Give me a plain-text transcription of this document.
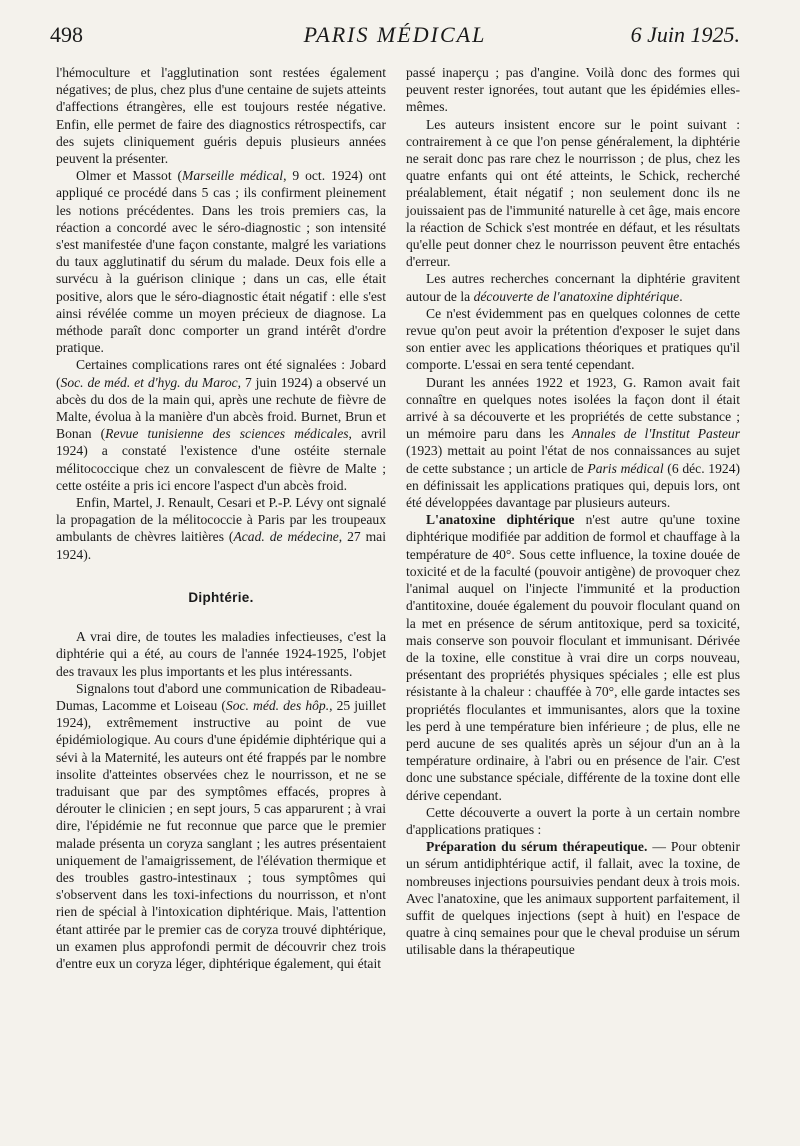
498	PARIS MÉDICAL	6 Juin 1925.

l'hémoculture et l'agglutination sont restées également négatives; de plus, chez plus d'une centaine de sujets atteints d'affections étrangères, elle est toujours restée négative. Enfin, elle permet de faire des diagnostics rétrospectifs, car des sujets cliniquement guéris depuis plusieurs années peuvent la présenter.

Olmer et Massot (Marseille médical, 9 oct. 1924) ont appliqué ce procédé dans 5 cas ; ils confirment pleinement les notions précédentes. Dans les trois premiers cas, la réaction a concordé avec le séro-diagnostic ; son intensité s'est manifestée d'une façon constante, malgré les variations du taux agglutinatif du sérum du malade. Deux fois elle a survécu à la guérison clinique ; dans un cas, elle était positive, alors que le séro-diagnostic était négatif : elle s'est ainsi révélée comme un moyen précieux de diagnose. La méthode paraît donc comporter un grand intérêt d'ordre pratique.

Certaines complications rares ont été signalées : Jobard (Soc. de méd. et d'hyg. du Maroc, 7 juin 1924) a observé un abcès du dos de la main qui, après une rechute de fièvre de Malte, évolua à la manière d'un abcès froid. Burnet, Brun et Bonan (Revue tunisienne des sciences médicales, avril 1924) a constaté l'existence d'une ostéite sternale mélitococcique chez un convalescent de fièvre de Malte ; cette ostéite a pris ici encore l'aspect d'un abcès froid.

Enfin, Martel, J. Renault, Cesari et P.-P. Lévy ont signalé la propagation de la mélitococcie à Paris par les troupeaux ambulants de chèvres laitières (Acad. de médecine, 27 mai 1924).

Diphtérie.

A vrai dire, de toutes les maladies infectieuses, c'est la diphtérie qui a été, au cours de l'année 1924-1925, l'objet des travaux les plus importants et les plus intéressants.

Signalons tout d'abord une communication de Ribadeau-Dumas, Lacomme et Loiseau (Soc. méd. des hôp., 25 juillet 1924), extrêmement instructive au point de vue épidémiologique. Au cours d'une épidémie diphtérique qui a sévi à la Maternité, les auteurs ont été frappés par le nombre insolite d'atteintes observées chez le nourrisson, et ne se traduisant que par des symptômes effacés, propres à dérouter le clinicien ; en sept jours, 5 cas apparurent ; à vrai dire, l'épidémie ne fut reconnue que parce que le premier malade présenta un coryza sanglant ; les autres présentaient uniquement de l'amaigrissement, de l'élévation thermique et des troubles gastro-intestinaux ; tous symptômes qui s'observent dans les toxi-infections du nourrisson, et n'ont rien de spécial à l'intoxication diphtérique. Mais, l'attention étant attirée par le premier cas de coryza trouvé diphtérique, un examen plus approfondi permit de découvrir chez trois d'entre eux un coryza léger, diphtérique également, qui était

passé inaperçu ; pas d'angine. Voilà donc des formes qui peuvent rester ignorées, tout autant que les épidémies elles-mêmes.

Les auteurs insistent encore sur le point suivant : contrairement à ce que l'on pense généralement, la diphtérie ne serait donc pas rare chez le nourrisson ; de plus, chez les quatre enfants qui ont été atteints, le Schick, recherché préalablement, était négatif ; non seulement donc ils ne jouissaient pas de l'immunité naturelle à cet âge, mais encore la réaction de Schick s'est montrée en défaut, et les résultats qu'elle peut donner chez le nourrisson peuvent être entachés d'erreur.

Les autres recherches concernant la diphtérie gravitent autour de la découverte de l'anatoxine diphtérique.

Ce n'est évidemment pas en quelques colonnes de cette revue qu'on peut avoir la prétention d'exposer le sujet dans son entier avec les applications théoriques et pratiques qu'il comporte. L'essai en sera tenté cependant.

Durant les années 1922 et 1923, G. Ramon avait fait connaître en quelques notes isolées la façon dont il était arrivé à sa découverte et les propriétés de cette substance ; un mémoire paru dans les Annales de l'Institut Pasteur (1923) mettait au point l'état de nos connaissances au sujet de cette substance ; un article de Paris médical (6 déc. 1924) en définissait les applications pratiques qui, depuis lors, ont été développées davantage par plusieurs auteurs.

L'anatoxine diphtérique n'est autre qu'une toxine diphtérique modifiée par addition de formol et chauffage à la température de 40°. Sous cette influence, la toxine douée de toxicité et de la faculté (pouvoir antigène) de provoquer chez l'animal auquel on l'injecte l'immunité et la production d'antitoxine, douée également du pouvoir floculant quand on la met en présence de sérum antitoxique, perd sa toxicité, mais conserve son pouvoir floculant et immunisant. Dérivée de la toxine, elle constitue à vrai dire un corps nouveau, présentant des propriétés physiques spéciales ; elle est plus résistante à la chaleur : chauffée à 70°, elle garde intactes ses propriétés floculantes et immunisantes, alors que la toxine les perd à une température bien inférieure ; de plus, elle ne perd aucune de ses qualités après un séjour d'un an à la température ordinaire, à l'abri ou en présence de l'air. C'est donc une substance spéciale, différente de la toxine dont elle dérive cependant.

Cette découverte a ouvert la porte à un certain nombre d'applications pratiques :

Préparation du sérum thérapeutique. — Pour obtenir un sérum antidiphtérique actif, il fallait, avec la toxine, de nombreuses injections poursuivies pendant deux à trois mois. Avec l'anatoxine, que les animaux supportent parfaitement, il suffit de quelques injections (sept à huit) en l'espace de quatre à cinq semaines pour que le cheval produise un sérum utilisable dans la thérapeutique
